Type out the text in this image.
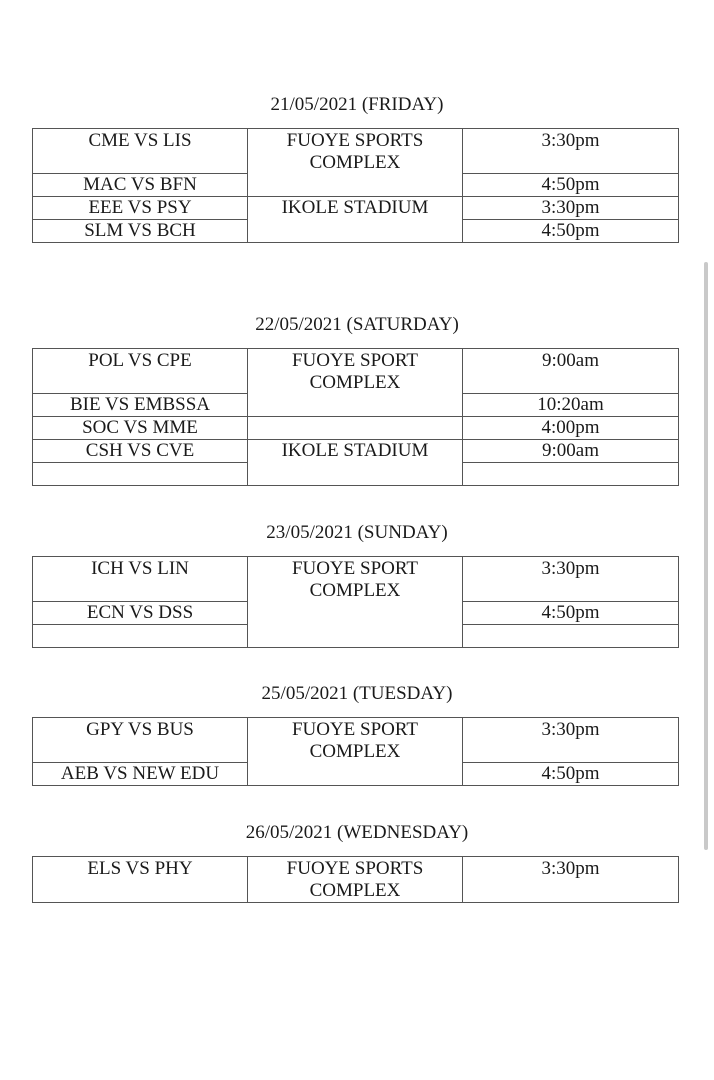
21/05/2021 (FRIDAY)
CME VS LIS	FUOYE SPORTS COMPLEX	3:30pm
MAC VS BFN		4:50pm
EEE VS PSY	IKOLE STADIUM	3:30pm
SLM VS BCH		4:50pm
22/05/2021 (SATURDAY)
POL VS CPE	FUOYE SPORT COMPLEX	9:00am
BIE VS EMBSSA		10:20am
SOC VS MME		4:00pm
CSH VS CVE	IKOLE STADIUM	9:00am

23/05/2021 (SUNDAY)
ICH VS LIN	FUOYE SPORT COMPLEX	3:30pm
ECN VS DSS		4:50pm

25/05/2021 (TUESDAY)
GPY VS BUS	FUOYE SPORT COMPLEX	3:30pm
AEB VS NEW EDU		4:50pm
26/05/2021 (WEDNESDAY)
ELS VS PHY	FUOYE SPORTS COMPLEX	3:30pm
